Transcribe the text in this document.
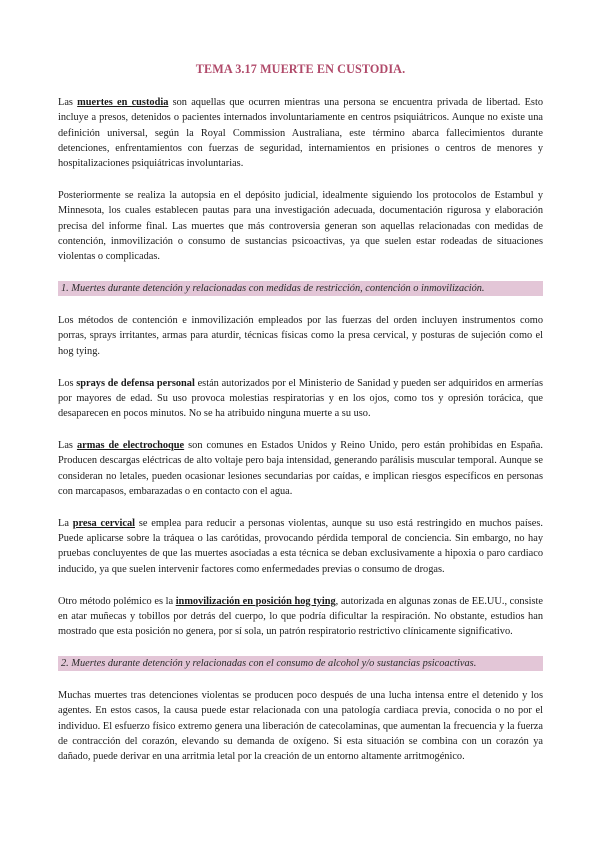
TEMA 3.17 MUERTE EN CUSTODIA.

Las muertes en custodia son aquellas que ocurren mientras una persona se encuentra privada de libertad. Esto incluye a presos, detenidos o pacientes internados involuntariamente en centros psiquiátricos. Aunque no existe una definición universal, según la Royal Commission Australiana, este término abarca fallecimientos durante detenciones, enfrentamientos con fuerzas de seguridad, internamientos en prisiones o centros de menores y hospitalizaciones psiquiátricas involuntarias.

Posteriormente se realiza la autopsia en el depósito judicial, idealmente siguiendo los protocolos de Estambul y Minnesota, los cuales establecen pautas para una investigación adecuada, documentación rigurosa y elaboración precisa del informe final. Las muertes que más controversia generan son aquellas relacionadas con medidas de contención, inmovilización o consumo de sustancias psicoactivas, ya que suelen estar rodeadas de situaciones violentas o complicadas.

1. Muertes durante detención y relacionadas con medidas de restricción, contención o inmovilización.

Los métodos de contención e inmovilización empleados por las fuerzas del orden incluyen instrumentos como porras, sprays irritantes, armas para aturdir, técnicas físicas como la presa cervical, y posturas de sujeción como el hog tying.

Los sprays de defensa personal están autorizados por el Ministerio de Sanidad y pueden ser adquiridos en armerías por mayores de edad. Su uso provoca molestias respiratorias y en los ojos, como tos y opresión torácica, que desaparecen en pocos minutos. No se ha atribuido ninguna muerte a su uso.

Las armas de electrochoque son comunes en Estados Unidos y Reino Unido, pero están prohibidas en España. Producen descargas eléctricas de alto voltaje pero baja intensidad, generando parálisis muscular temporal. Aunque se consideran no letales, pueden ocasionar lesiones secundarias por caídas, e implican riesgos específicos en personas con marcapasos, embarazadas o en contacto con el agua.

La presa cervical se emplea para reducir a personas violentas, aunque su uso está restringido en muchos países. Puede aplicarse sobre la tráquea o las carótidas, provocando pérdida temporal de conciencia. Sin embargo, no hay pruebas concluyentes de que las muertes asociadas a esta técnica se deban exclusivamente a hipoxia o paro cardiaco inducido, ya que suelen intervenir factores como enfermedades previas o consumo de drogas.

Otro método polémico es la inmovilización en posición hog tying, autorizada en algunas zonas de EE.UU., consiste en atar muñecas y tobillos por detrás del cuerpo, lo que podría dificultar la respiración. No obstante, estudios han mostrado que esta posición no genera, por sí sola, un patrón respiratorio restrictivo clínicamente significativo.

2. Muertes durante detención y relacionadas con el consumo de alcohol y/o sustancias psicoactivas.

Muchas muertes tras detenciones violentas se producen poco después de una lucha intensa entre el detenido y los agentes. En estos casos, la causa puede estar relacionada con una patología cardiaca previa, conocida o no por el individuo. El esfuerzo físico extremo genera una liberación de catecolaminas, que aumentan la frecuencia y la fuerza de contracción del corazón, elevando su demanda de oxígeno. Si esta situación se combina con un corazón ya dañado, puede derivar en una arritmia letal por la creación de un entorno altamente arritmogénico.
